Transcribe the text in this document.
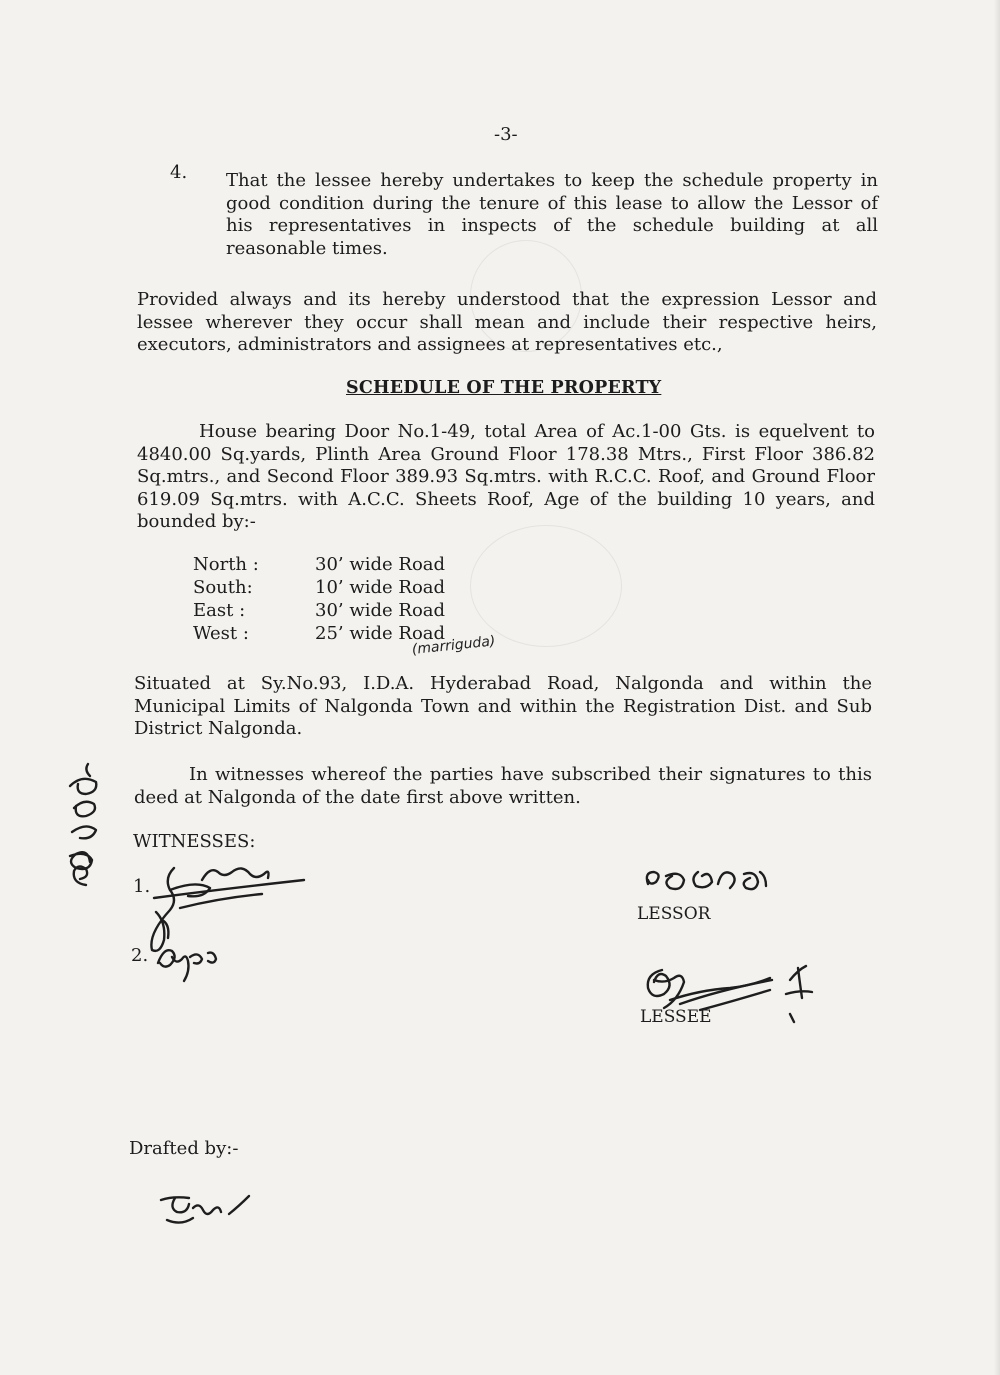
-3-
4. That the lessee hereby undertakes to keep the schedule property in good condition during the tenure of this lease to allow the Lessor of his representatives in inspects of the schedule building at all reasonable times.
Provided always and its hereby understood that the expression Lessor and lessee wherever they occur shall mean and include their respective heirs, executors, administrators and assignees at representatives etc.,
SCHEDULE OF THE PROPERTY
House bearing Door No.1-49, total Area of Ac.1-00 Gts. is equelvent to 4840.00 Sq.yards, Plinth Area Ground Floor 178.38 Mtrs., First Floor 386.82 Sq.mtrs., and Second Floor 389.93 Sq.mtrs. with R.C.C. Roof, and Ground Floor 619.09 Sq.mtrs. with A.C.C. Sheets Roof, Age of the building 10 years, and bounded by:-
North :	30’ wide Road
South:	10’ wide Road
East :	30’ wide Road
West :	25’ wide Road
(marriguda)
Situated at Sy.No.93, I.D.A. Hyderabad Road, Nalgonda and within the Municipal Limits of Nalgonda Town and within the Registration Dist. and Sub District Nalgonda.
In witnesses whereof the parties have subscribed their signatures to this deed at Nalgonda of the date first above written.
WITNESSES:
1.
2.
LESSOR
LESSEE
Drafted by:-
